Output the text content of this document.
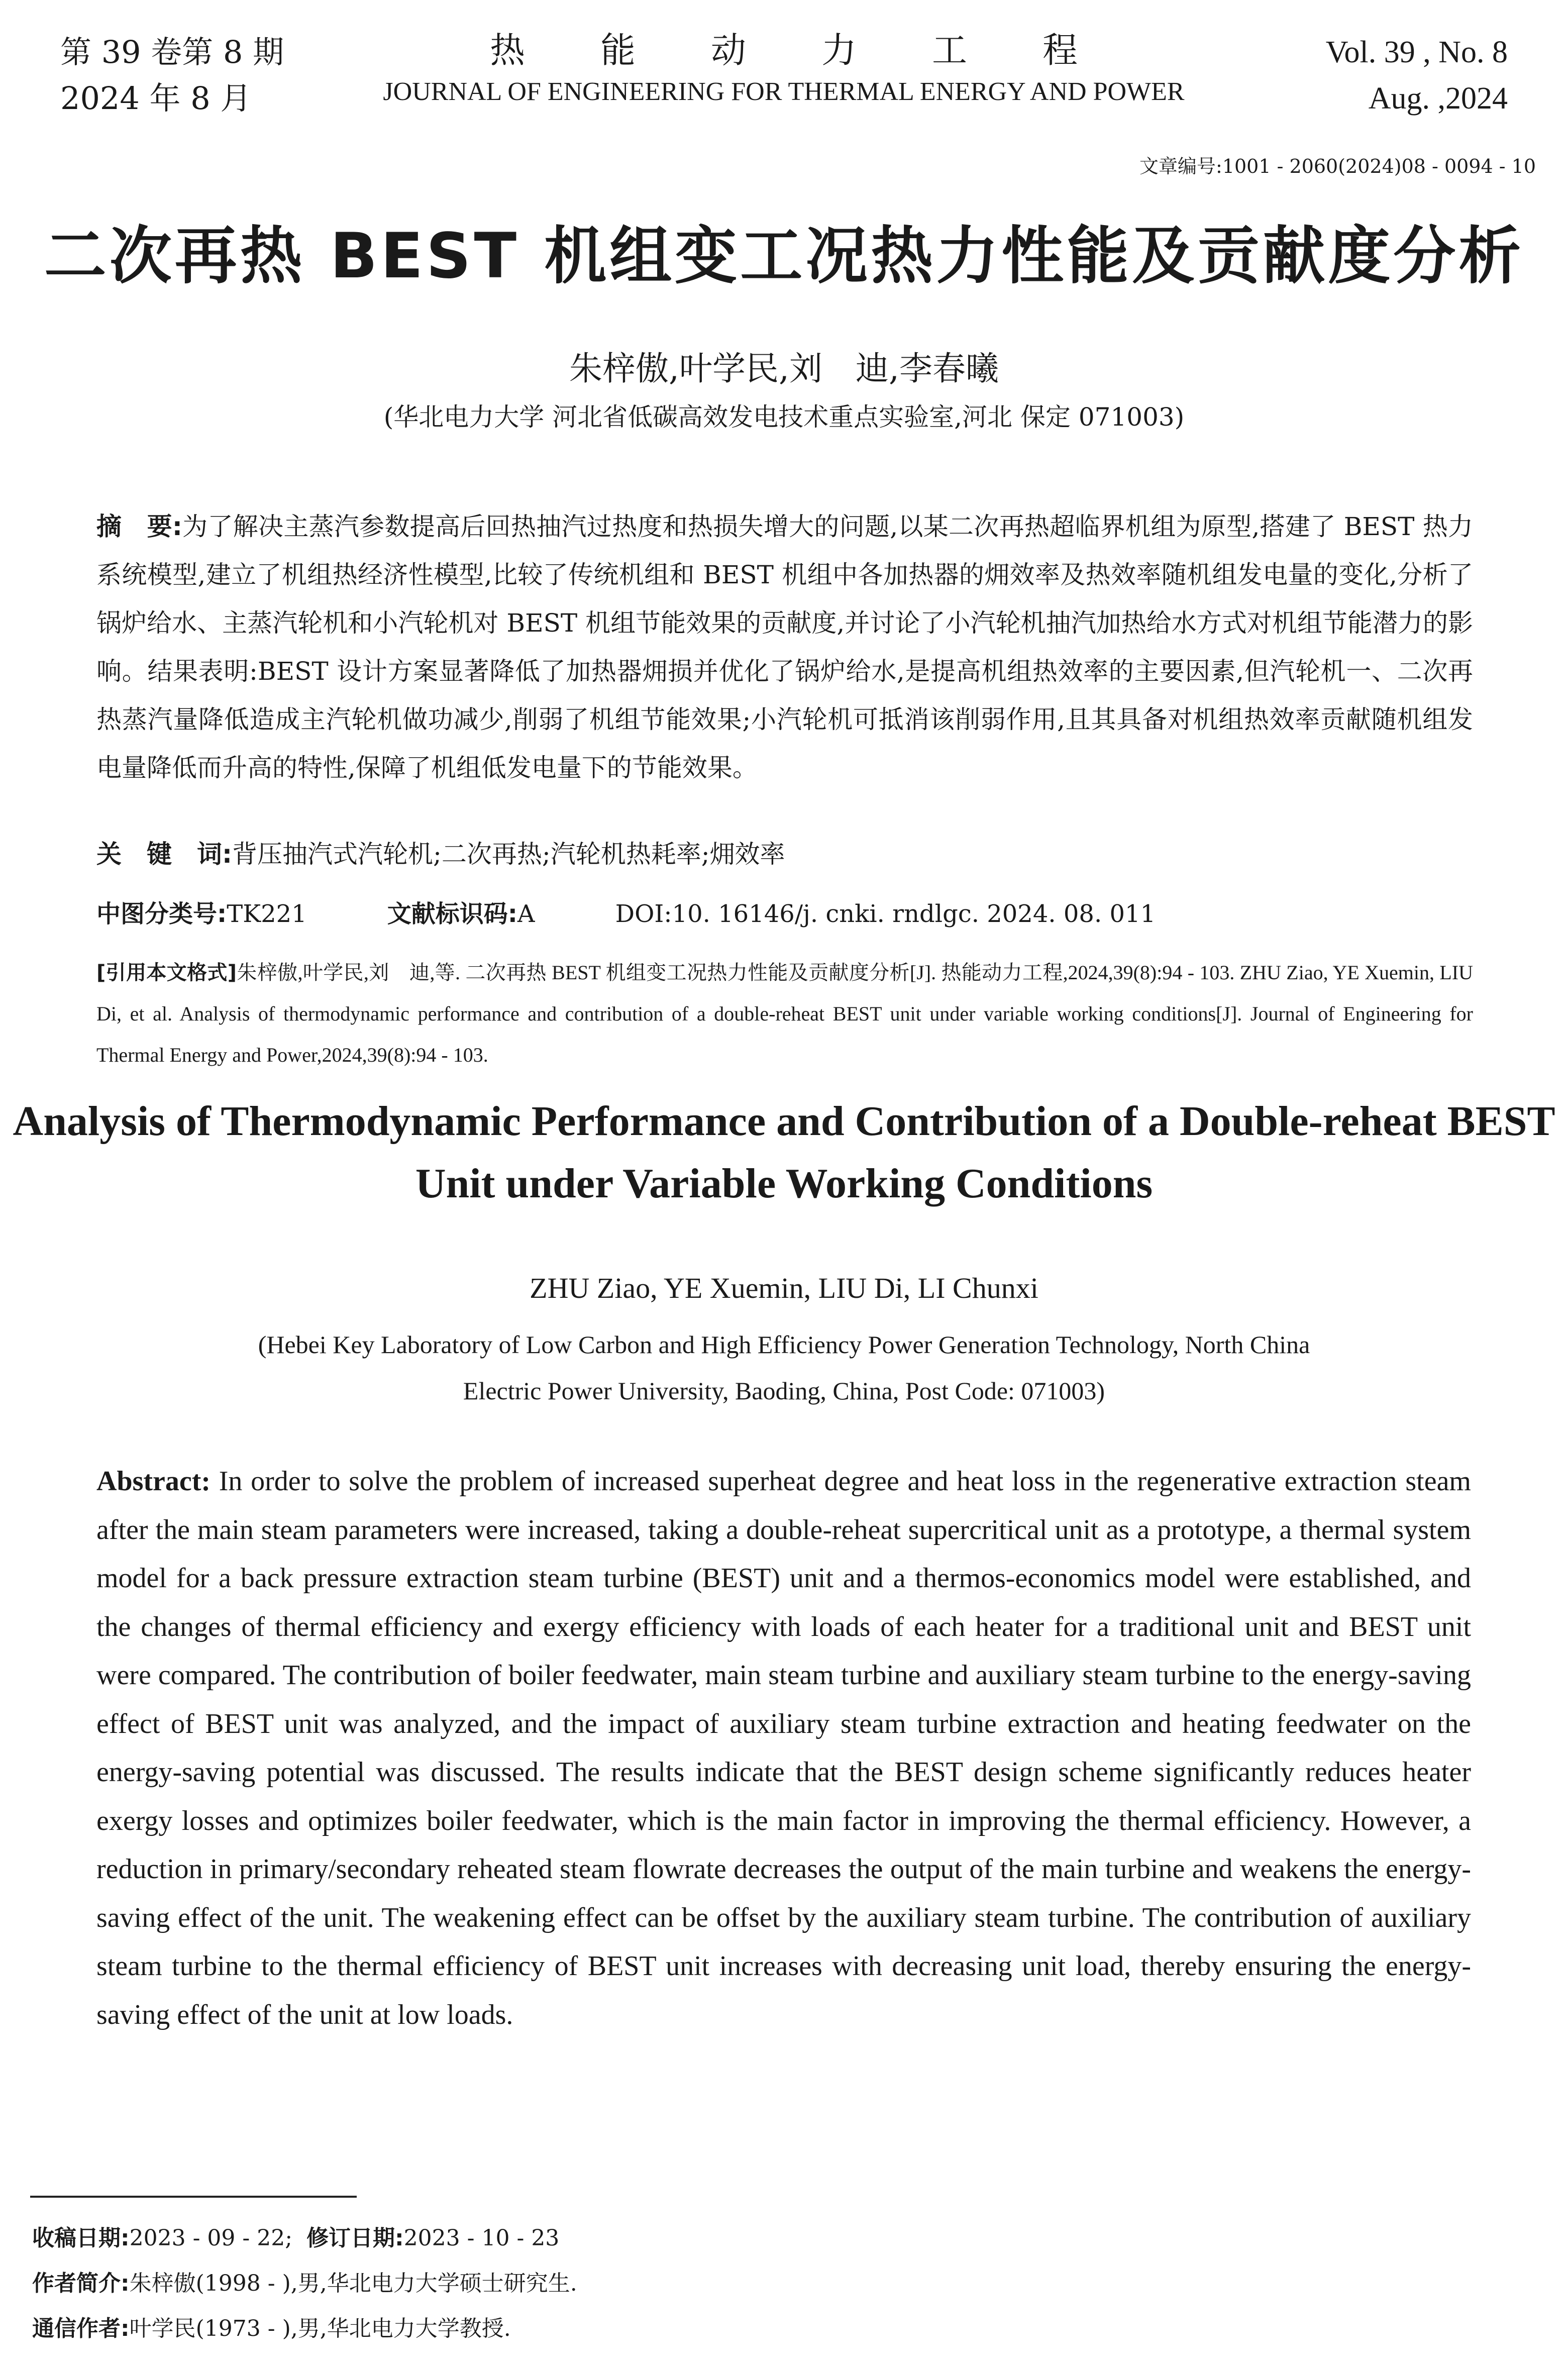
第 39 卷第 8 期
2024 年 8 月
热能动力工程
JOURNAL OF ENGINEERING FOR THERMAL ENERGY AND POWER
Vol. 39 , No. 8
Aug. ,2024
文章编号:1001 - 2060(2024)08 - 0094 - 10
二次再热 BEST 机组变工况热力性能及贡献度分析
朱梓傲,叶学民,刘　迪,李春曦
(华北电力大学 河北省低碳高效发电技术重点实验室,河北 保定 071003)
摘　要:为了解决主蒸汽参数提高后回热抽汽过热度和热损失增大的问题,以某二次再热超临界机组为原型,搭建了 BEST 热力系统模型,建立了机组热经济性模型,比较了传统机组和 BEST 机组中各加热器的㶲效率及热效率随机组发电量的变化,分析了锅炉给水、主蒸汽轮机和小汽轮机对 BEST 机组节能效果的贡献度,并讨论了小汽轮机抽汽加热给水方式对机组节能潜力的影响。结果表明:BEST 设计方案显著降低了加热器㶲损并优化了锅炉给水,是提高机组热效率的主要因素,但汽轮机一、二次再热蒸汽量降低造成主汽轮机做功减少,削弱了机组节能效果;小汽轮机可抵消该削弱作用,且其具备对机组热效率贡献随机组发电量降低而升高的特性,保障了机组低发电量下的节能效果。
关　键　词:背压抽汽式汽轮机;二次再热;汽轮机热耗率;㶲效率
中图分类号:TK221	文献标识码:A	DOI:10. 16146/j. cnki. rndlgc. 2024. 08. 011
[引用本文格式]朱梓傲,叶学民,刘　迪,等. 二次再热 BEST 机组变工况热力性能及贡献度分析[J]. 热能动力工程,2024,39(8):94 - 103. ZHU Ziao, YE Xuemin, LIU Di, et al. Analysis of thermodynamic performance and contribution of a double-reheat BEST unit under variable working conditions[J]. Journal of Engineering for Thermal Energy and Power,2024,39(8):94 - 103.
Analysis of Thermodynamic Performance and Contribution of a Double-reheat BEST Unit under Variable Working Conditions
ZHU Ziao, YE Xuemin, LIU Di, LI Chunxi
(Hebei Key Laboratory of Low Carbon and High Efficiency Power Generation Technology, North China
Electric Power University, Baoding, China, Post Code: 071003)
Abstract: In order to solve the problem of increased superheat degree and heat loss in the regenerative extraction steam after the main steam parameters were increased, taking a double-reheat supercritical unit as a prototype, a thermal system model for a back pressure extraction steam turbine (BEST) unit and a thermos-economics model were established, and the changes of thermal efficiency and exergy efficiency with loads of each heater for a traditional unit and BEST unit were compared. The contribution of boiler feedwater, main steam turbine and auxiliary steam turbine to the energy-saving effect of BEST unit was analyzed, and the impact of auxiliary steam turbine extraction and heating feedwater on the energy-saving potential was discussed. The results indicate that the BEST design scheme significantly reduces heater exergy losses and optimizes boiler feedwater, which is the main factor in improving the thermal efficiency. However, a reduction in primary/secondary reheated steam flowrate decreases the output of the main turbine and weakens the energy-saving effect of the unit. The weakening effect can be offset by the auxiliary steam turbine. The contribution of auxiliary steam turbine to the thermal efficiency of BEST unit increases with decreasing unit load, thereby ensuring the energy-saving effect of the unit at low loads.
收稿日期:2023 - 09 - 22; 修订日期:2023 - 10 - 23
作者简介:朱梓傲(1998 - ),男,华北电力大学硕士研究生.
通信作者:叶学民(1973 - ),男,华北电力大学教授.
